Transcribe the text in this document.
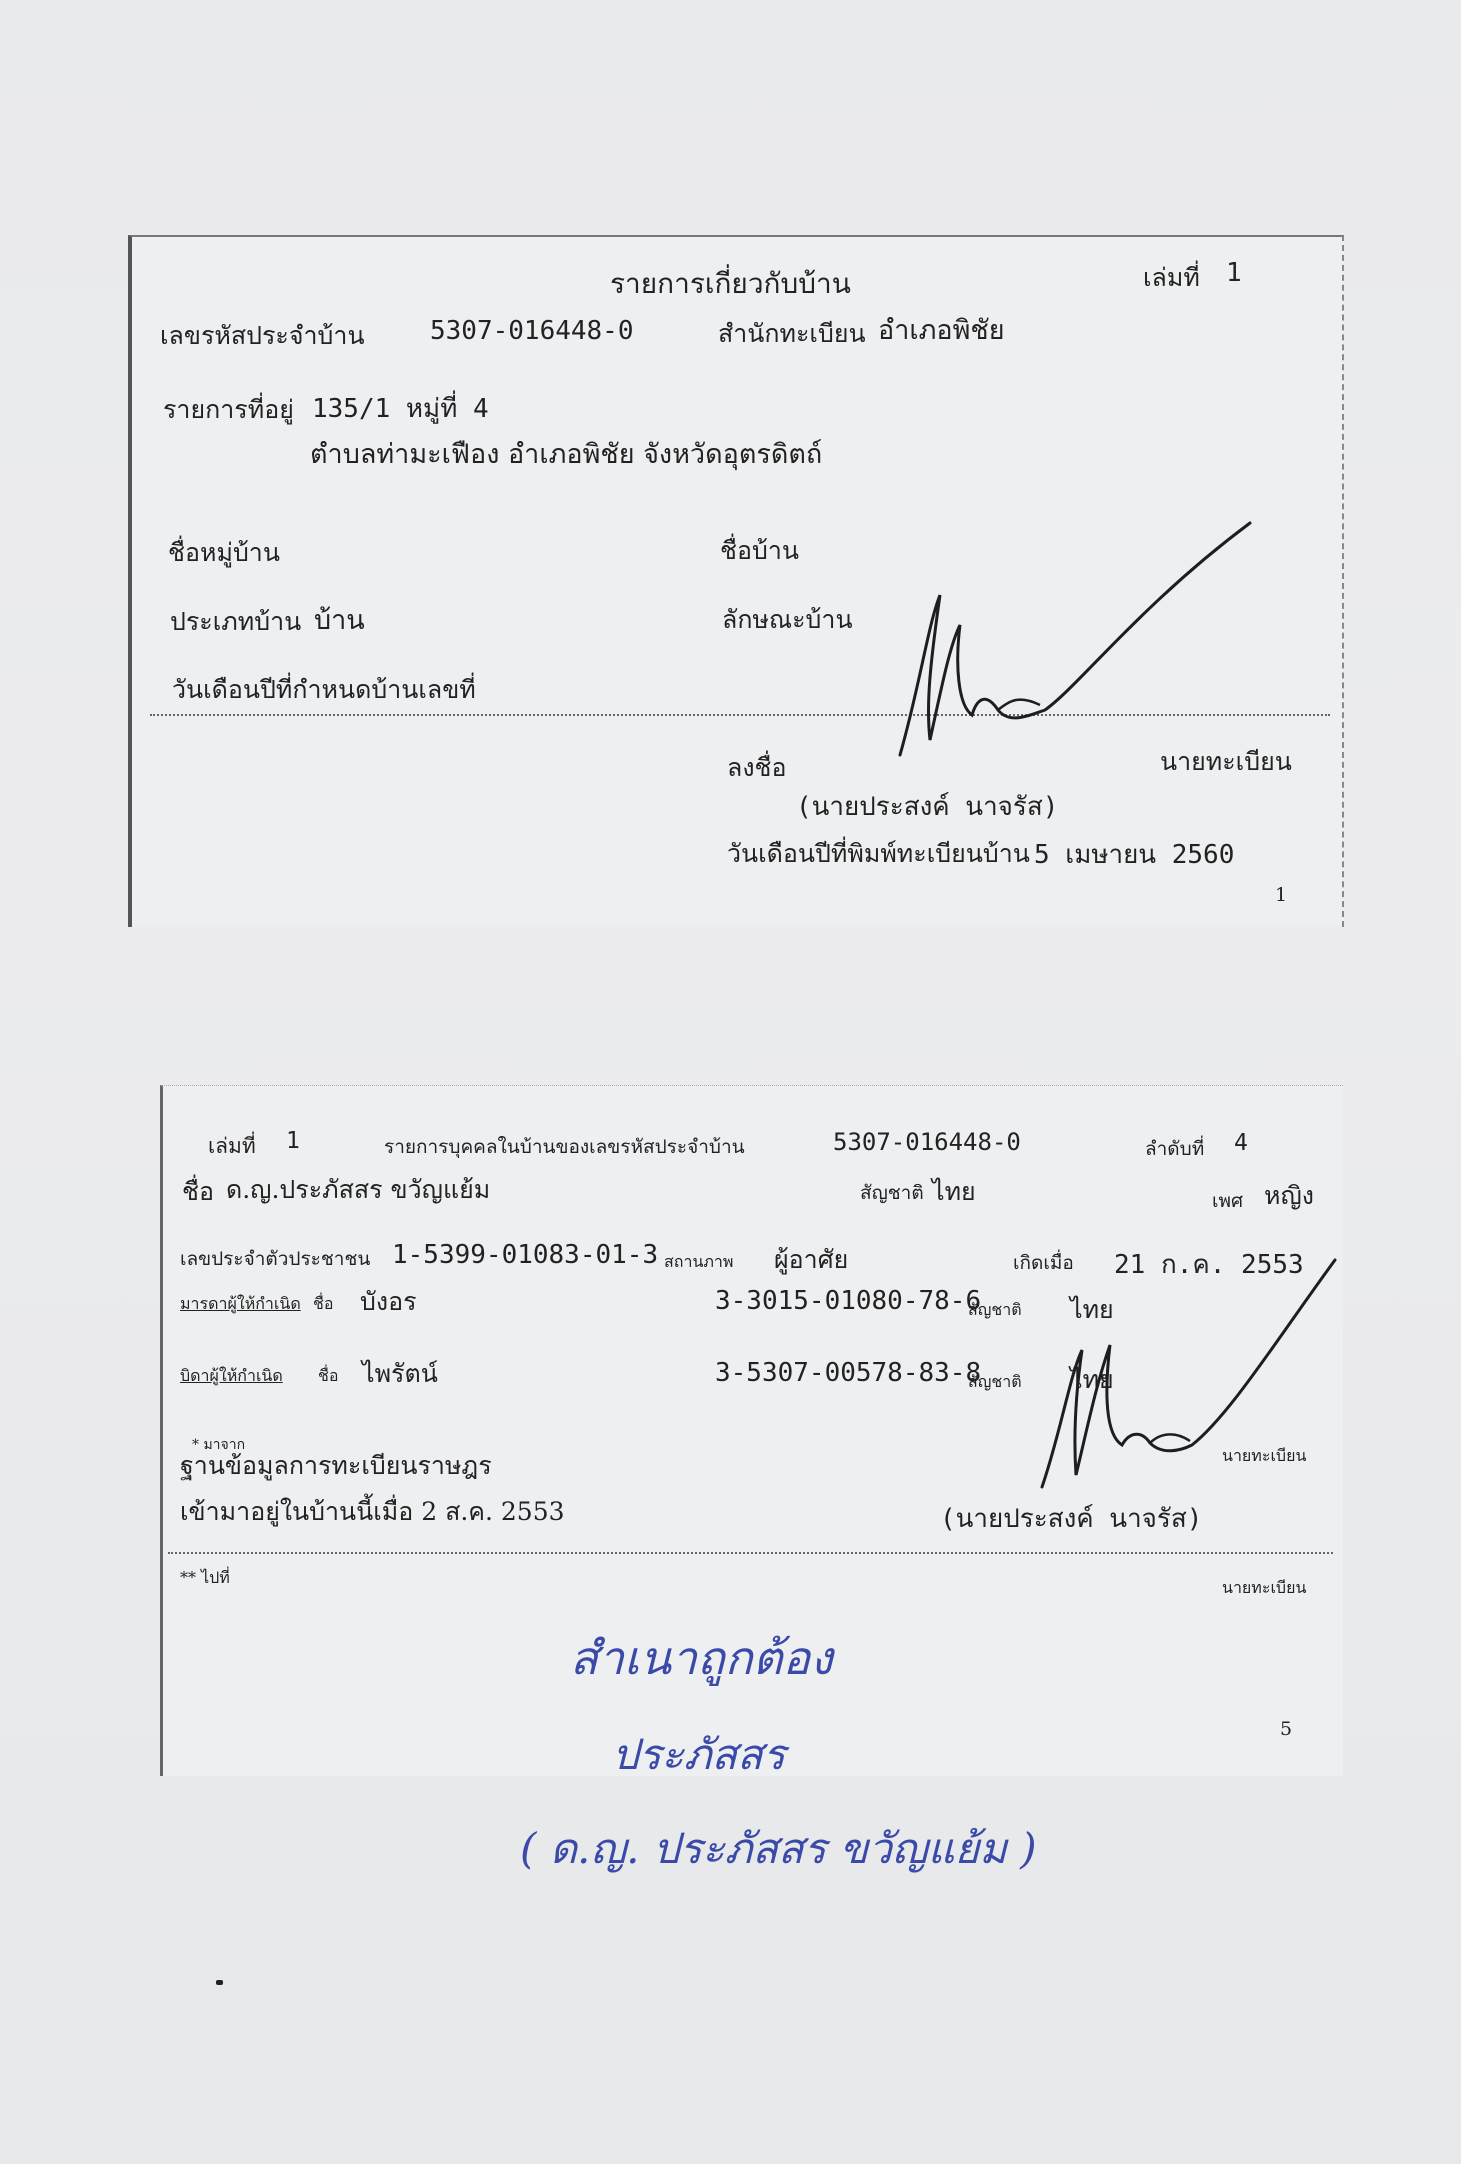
รายการเกี่ยวกับบ้าน	เล่มที่ 1
เลขรหัสประจำบ้าน	5307-016448-0	สำนักทะเบียน อำเภอพิชัย
รายการที่อยู่ 135/1 หมู่ที่ 4
ตำบลท่ามะเฟือง อำเภอพิชัย จังหวัดอุตรดิตถ์
ชื่อหมู่บ้าน	ชื่อบ้าน
ประเภทบ้าน บ้าน	ลักษณะบ้าน
วันเดือนปีที่กำหนดบ้านเลขที่
ลงชื่อ	นายทะเบียน
(นายประสงค์ นาจรัส)
วันเดือนปีที่พิมพ์ทะเบียนบ้าน 5 เมษายน 2560
1
เล่มที่ 1	รายการบุคคลในบ้านของเลขรหัสประจำบ้าน	5307-016448-0	ลำดับที่ 4
ชื่อ ด.ญ.ประภัสสร ขวัญแย้ม	สัญชาติ ไทย	เพศ หญิง
เลขประจำตัวประชาชน 1-5399-01083-01-3 สถานภาพ ผู้อาศัย	เกิดเมื่อ 21 ก.ค. 2553
มารดาผู้ให้กำเนิด ชื่อ บังอร	3-3015-01080-78-6
สัญชาติ ไทย
บิดาผู้ให้กำเนิด ชื่อ ไพรัตน์	3-5307-00578-83-8
สัญชาติ ไทย
* มาจาก
ฐานข้อมูลการทะเบียนราษฎร
เข้ามาอยู่ในบ้านนี้เมื่อ 2 ส.ค. 2553
นายทะเบียน
(นายประสงค์ นาจรัส)
** ไปที่
นายทะเบียน
5
สำเนาถูกต้อง
ประภัสสร
( ด.ญ. ประภัสสร ขวัญแย้ม )
